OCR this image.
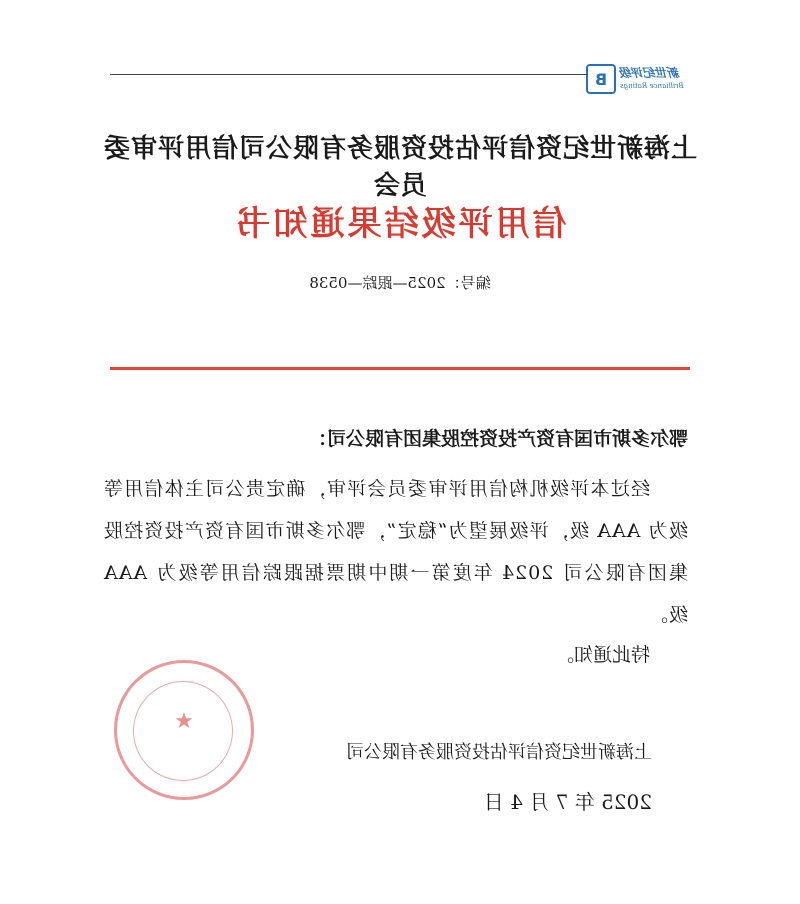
新世纪评级
Brilliance Ratings
B
上海新世纪资信评估投资服务有限公司信用评审委员会
信用评级结果通知书
编号：2025—跟踪—0538
鄂尔多斯市国有资产投资控股集团有限公司：
经过本评级机构信用评审委员会评审，确定贵公司主体信用等级为 AAA 级，评级展望为“稳定”，鄂尔多斯市国有资产投资控股集团有限公司 2024 年度第一期中期票据跟踪信用等级为 AAA 级。
特此通知。
★
上海新世纪资信评估投资服务有限公司
2025 年 7 月 4 日
